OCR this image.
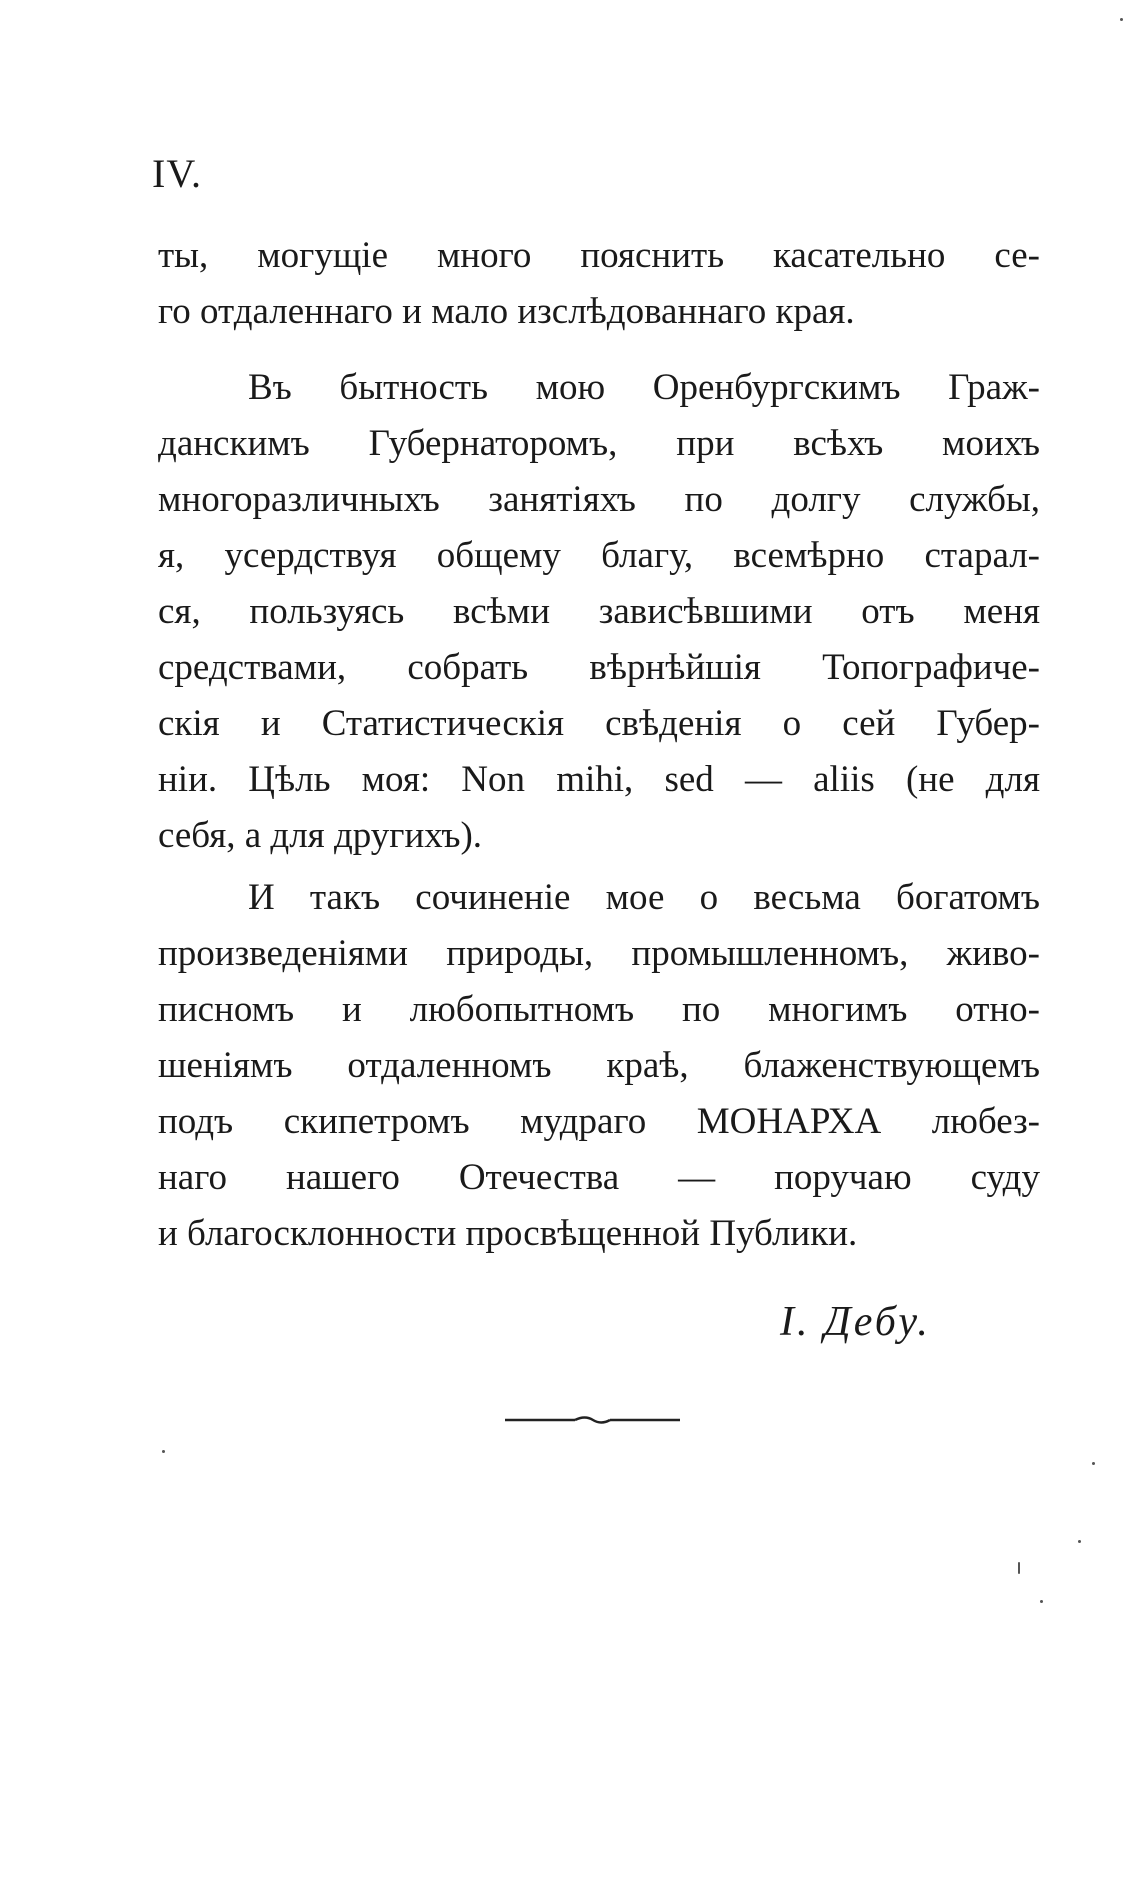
IV.
ты, могущіе много пояснить касательно се-
го отдаленнаго и мало изслѣдованнаго края.
Въ бытность мою Оренбургскимъ Граж-
данскимъ Губернаторомъ, при всѣхъ моихъ
многоразличныхъ занятіяхъ по долгу службы,
я, усердствуя общему благу, всемѣрно старал-
ся, пользуясь всѣми зависѣвшими отъ меня
средствами, собрать вѣрнѣйшія Топографиче-
скія и Статистическія свѣденія о сей Губер-
ніи. Цѣль моя: Non mihi, sed — aliis (не для
себя, а для другихъ).
И такъ сочиненіе мое о весьма богатомъ
произведеніями природы, промышленномъ, живо-
писномъ и любопытномъ по многимъ отно-
шеніямъ отдаленномъ краѣ, блаженствующемъ
подъ скипетромъ мудраго МОНАРХА любез-
наго нашего Отечества — поручаю суду
и благосклонности просвѣщенной Публики.
I. Дебу.
